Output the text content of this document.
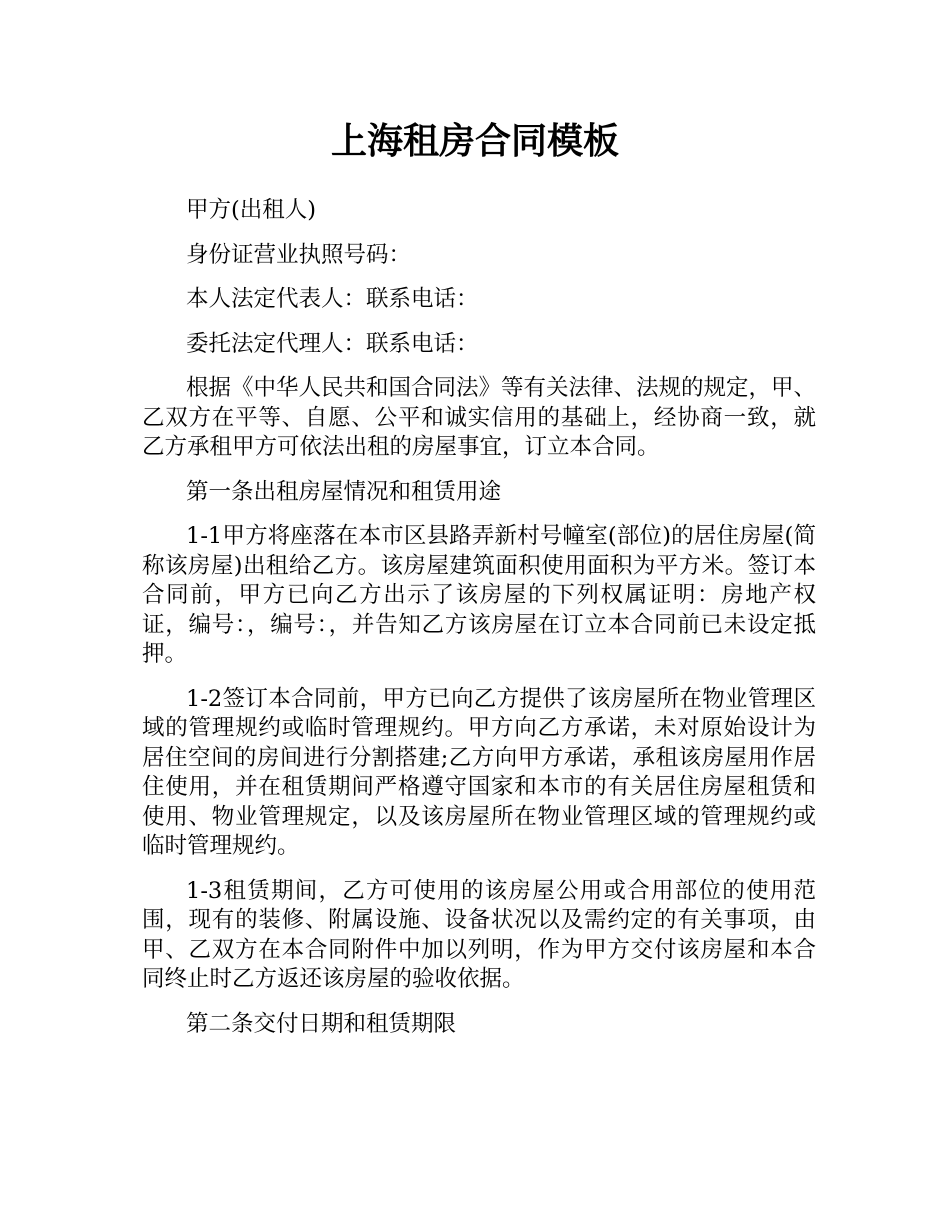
上海租房合同模板

甲方(出租人)

身份证营业执照号码：

本人法定代表人：联系电话：

委托法定代理人：联系电话：

根据《中华人民共和国合同法》等有关法律、法规的规定，甲、乙双方在平等、自愿、公平和诚实信用的基础上，经协商一致，就乙方承租甲方可依法出租的房屋事宜，订立本合同。

第一条出租房屋情况和租赁用途

1-1甲方将座落在本市区县路弄新村号幢室(部位)的居住房屋(简称该房屋)出租给乙方。该房屋建筑面积使用面积为平方米。签订本合同前，甲方已向乙方出示了该房屋的下列权属证明：房地产权证，编号：，编号：，并告知乙方该房屋在订立本合同前已未设定抵押。

1-2签订本合同前，甲方已向乙方提供了该房屋所在物业管理区域的管理规约或临时管理规约。甲方向乙方承诺，未对原始设计为居住空间的房间进行分割搭建;乙方向甲方承诺，承租该房屋用作居住使用，并在租赁期间严格遵守国家和本市的有关居住房屋租赁和使用、物业管理规定，以及该房屋所在物业管理区域的管理规约或临时管理规约。

1-3租赁期间，乙方可使用的该房屋公用或合用部位的使用范围，现有的装修、附属设施、设备状况以及需约定的有关事项，由甲、乙双方在本合同附件中加以列明，作为甲方交付该房屋和本合同终止时乙方返还该房屋的验收依据。

第二条交付日期和租赁期限
